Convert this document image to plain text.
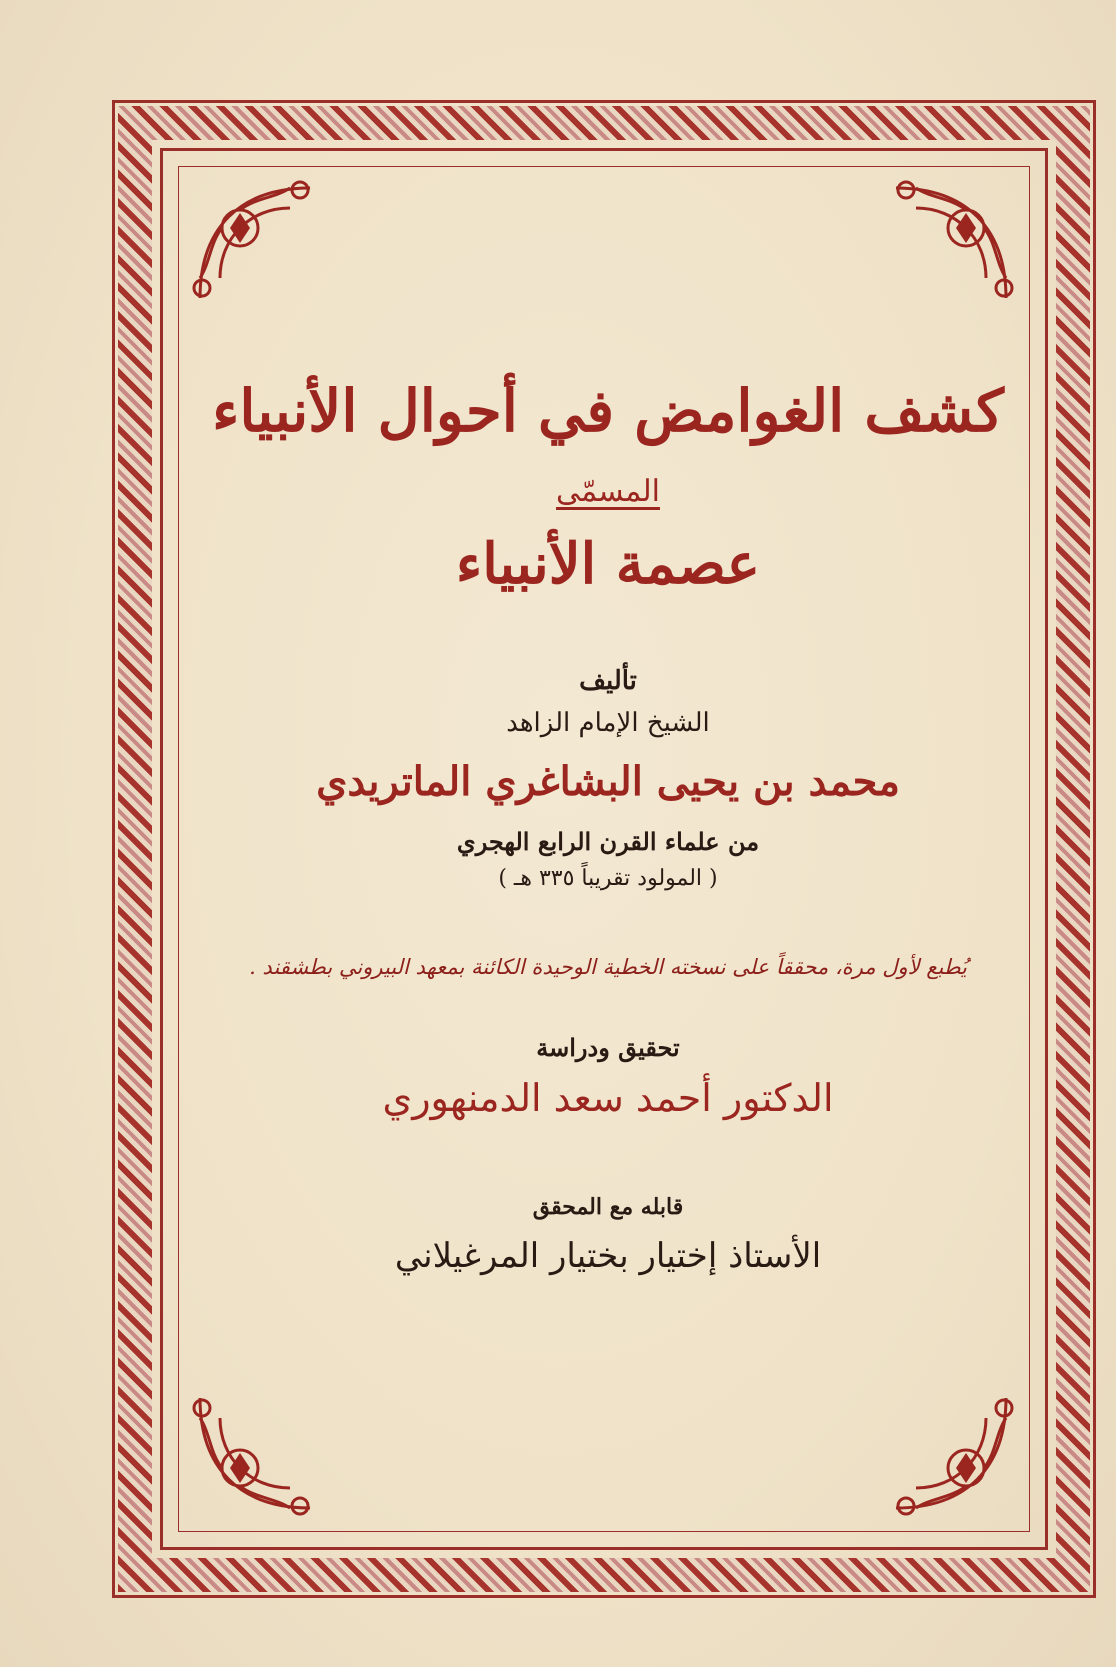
كشف الغوامض في أحوال الأنبياء
المسمّى
عصمة الأنبياء
تأليف
الشيخ الإمام الزاهد
محمد بن يحيى البشاغري الماتريدي
من علماء القرن الرابع الهجري
( المولود تقريباً ٣٣٥ هـ )
يُطبع لأول مرة، محققاً على نسخته الخطية الوحيدة الكائنة بمعهد البيروني بطشقند .
تحقيق ودراسة
الدكتور أحمد سعد الدمنهوري
قابله مع المحقق
الأستاذ إختيار بختيار المرغيلاني
